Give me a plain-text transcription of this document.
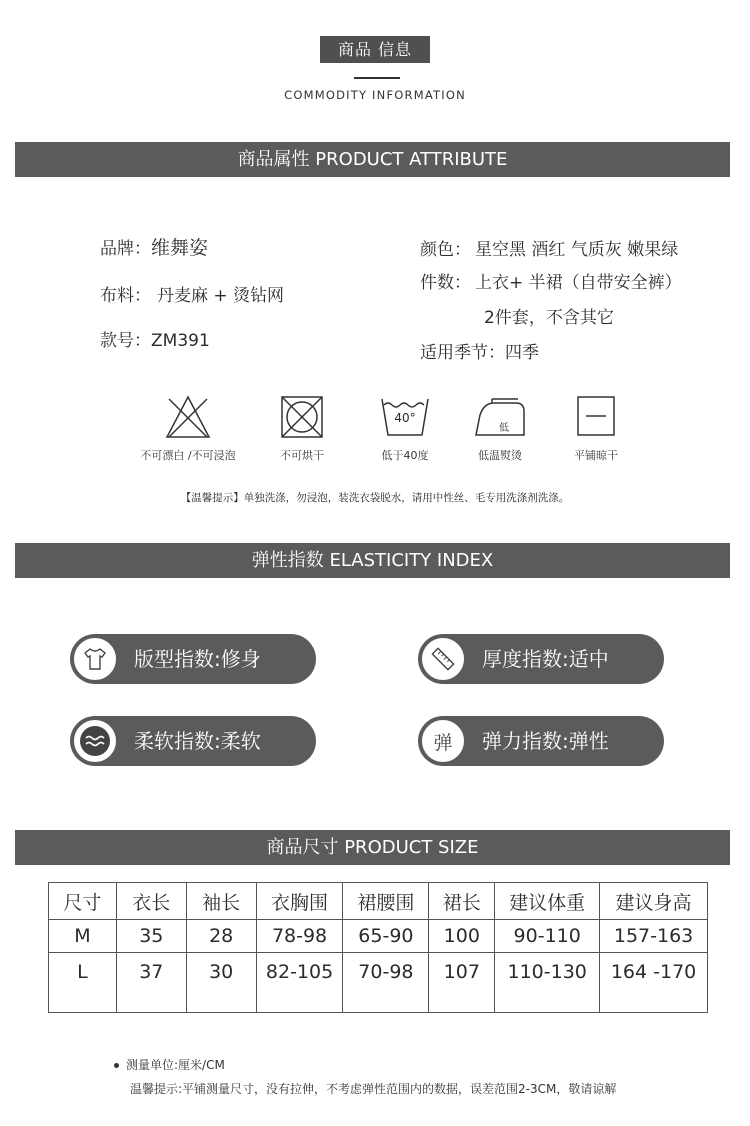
商品 信息
COMMODITY INFORMATION
商品属性 PRODUCT ATTRIBUTE
品牌：维舞姿
布料： 丹麦麻 + 烫钻网
款号：ZM391
颜色： 星空黑 酒红 气质灰 嫩果绿
件数： 上衣+ 半裙（自带安全裤）
2件套，不含其它
适用季节：四季
不可漂白 /不可浸泡	不可烘干
40°
低于40度
低
低温熨烫	平铺晾干
【温馨提示】单独洗涤，勿浸泡，装洗衣袋脱水，请用中性丝、毛专用洗涤剂洗涤。
弹性指数 ELASTICITY INDEX
版型指数:修身	厚度指数:适中
柔软指数:柔软	弹 弹力指数:弹性
商品尺寸 PRODUCT SIZE
尺寸	衣长	袖长	衣胸围	裙腰围	裙长	建议体重	建议身高
M	35	28	78-98	65-90	100	90-110	157-163
L	37	30	82-105	70-98	107	110-130	164 -170
测量单位:厘米/CM
温馨提示:平铺测量尺寸，没有拉伸，不考虑弹性范围内的数据，误差范围2-3CM，敬请谅解
